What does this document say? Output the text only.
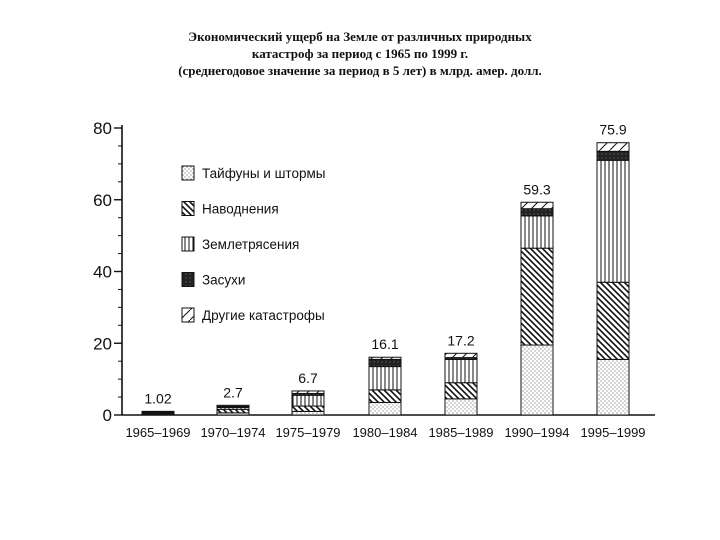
Экономический ущерб на Земле от различных природных
катастроф за период с 1965 по 1999 г.
(среднегодовое значение за период в 5 лет) в млрд. амер. долл.
0
20
40
60
80
1965–1969 1970–1974 1975–1979 1980–1984 1985–1989 1990–1994 1995–1999
1.02	2.7
6.7
16.1	17.2
59.3
75.9
Тайфуны и штормы
Наводнения
Землетрясения
Засухи
Другие катастрофы
